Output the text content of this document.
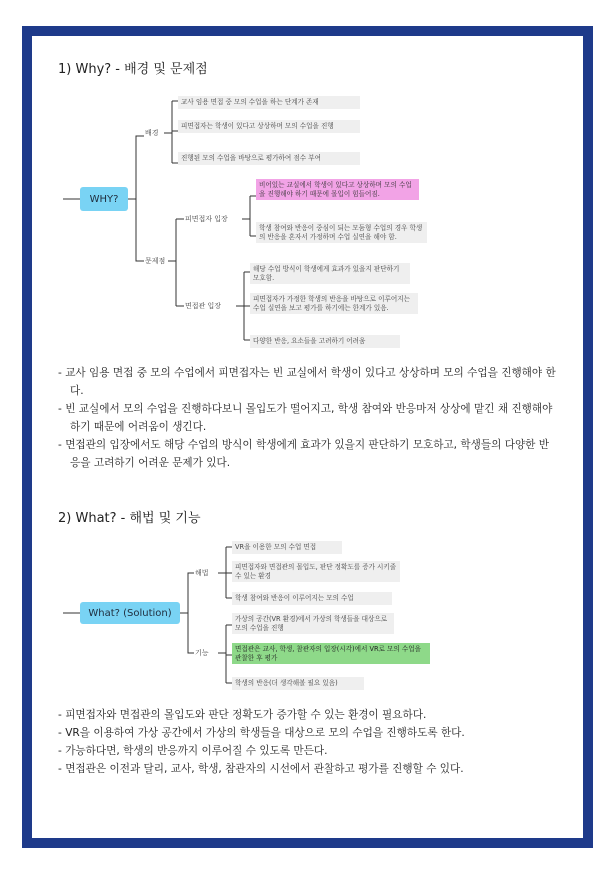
1) Why? - 배경 및 문제점
WHY?
배경
교사 임용 면접 중 모의 수업을 하는 단계가 존재
피면접자는 학생이 있다고 상상하며 모의 수업을 진행
진행된 모의 수업을 바탕으로 평가하여 점수 부여
문제점
피면접자 입장
비어있는 교실에서 학생이 있다고 상상하며 모의 수업을 진행해야 하기 때문에 몰입이 힘들어짐.
학생 참여와 반응이 중심이 되는 모둠형 수업의 경우 학생의 반응을 혼자서 가정하며 수업 실연을 해야 함.
면접관 입장
해당 수업 방식이 학생에게 효과가 있을지 판단하기 모호함.
피면접자가 가정한 학생의 반응을 바탕으로 이루어지는 수업 실연을 보고 평가를 하기에는 한계가 있음.
다양한 반응, 요소들을 고려하기 어려움

- 교사 임용 면접 중 모의 수업에서 피면접자는 빈 교실에서 학생이 있다고 상상하며 모의 수업을 진행해야 한다.

- 빈 교실에서 모의 수업을 진행하다보니 몰입도가 떨어지고, 학생 참여와 반응마저 상상에 맡긴 채 진행해야 하기 때문에 어려움이 생긴다.

- 면접관의 입장에서도 해당 수업의 방식이 학생에게 효과가 있을지 판단하기 모호하고, 학생들의 다양한 반응을 고려하기 어려운 문제가 있다.

2) What? - 해법 및 기능
What? (Solution)
해법
VR을 이용한 모의 수업 면접
피면접자와 면접관의 몰입도, 판단 정확도를 증가 시키줄 수 있는 환경
학생 참여와 반응이 이루어지는 모의 수업
기능
가상의 공간(VR 환경)에서 가상의 학생들을 대상으로 모의 수업을 진행
면접관은 교사, 학생, 참관자의 입장(시각)에서 VR로 모의 수업을 관찰한 후 평가
학생의 반응(더 생각해볼 필요 있음)

- 피면접자와 면접관의 몰입도와 판단 정확도가 증가할 수 있는 환경이 필요하다.

- VR을 이용하여 가상 공간에서 가상의 학생들을 대상으로 모의 수업을 진행하도록 한다.

- 가능하다면, 학생의 반응까지 이루어질 수 있도록 만든다.

- 면접관은 이전과 달리, 교사, 학생, 참관자의 시선에서 관찰하고 평가를 진행할 수 있다.
